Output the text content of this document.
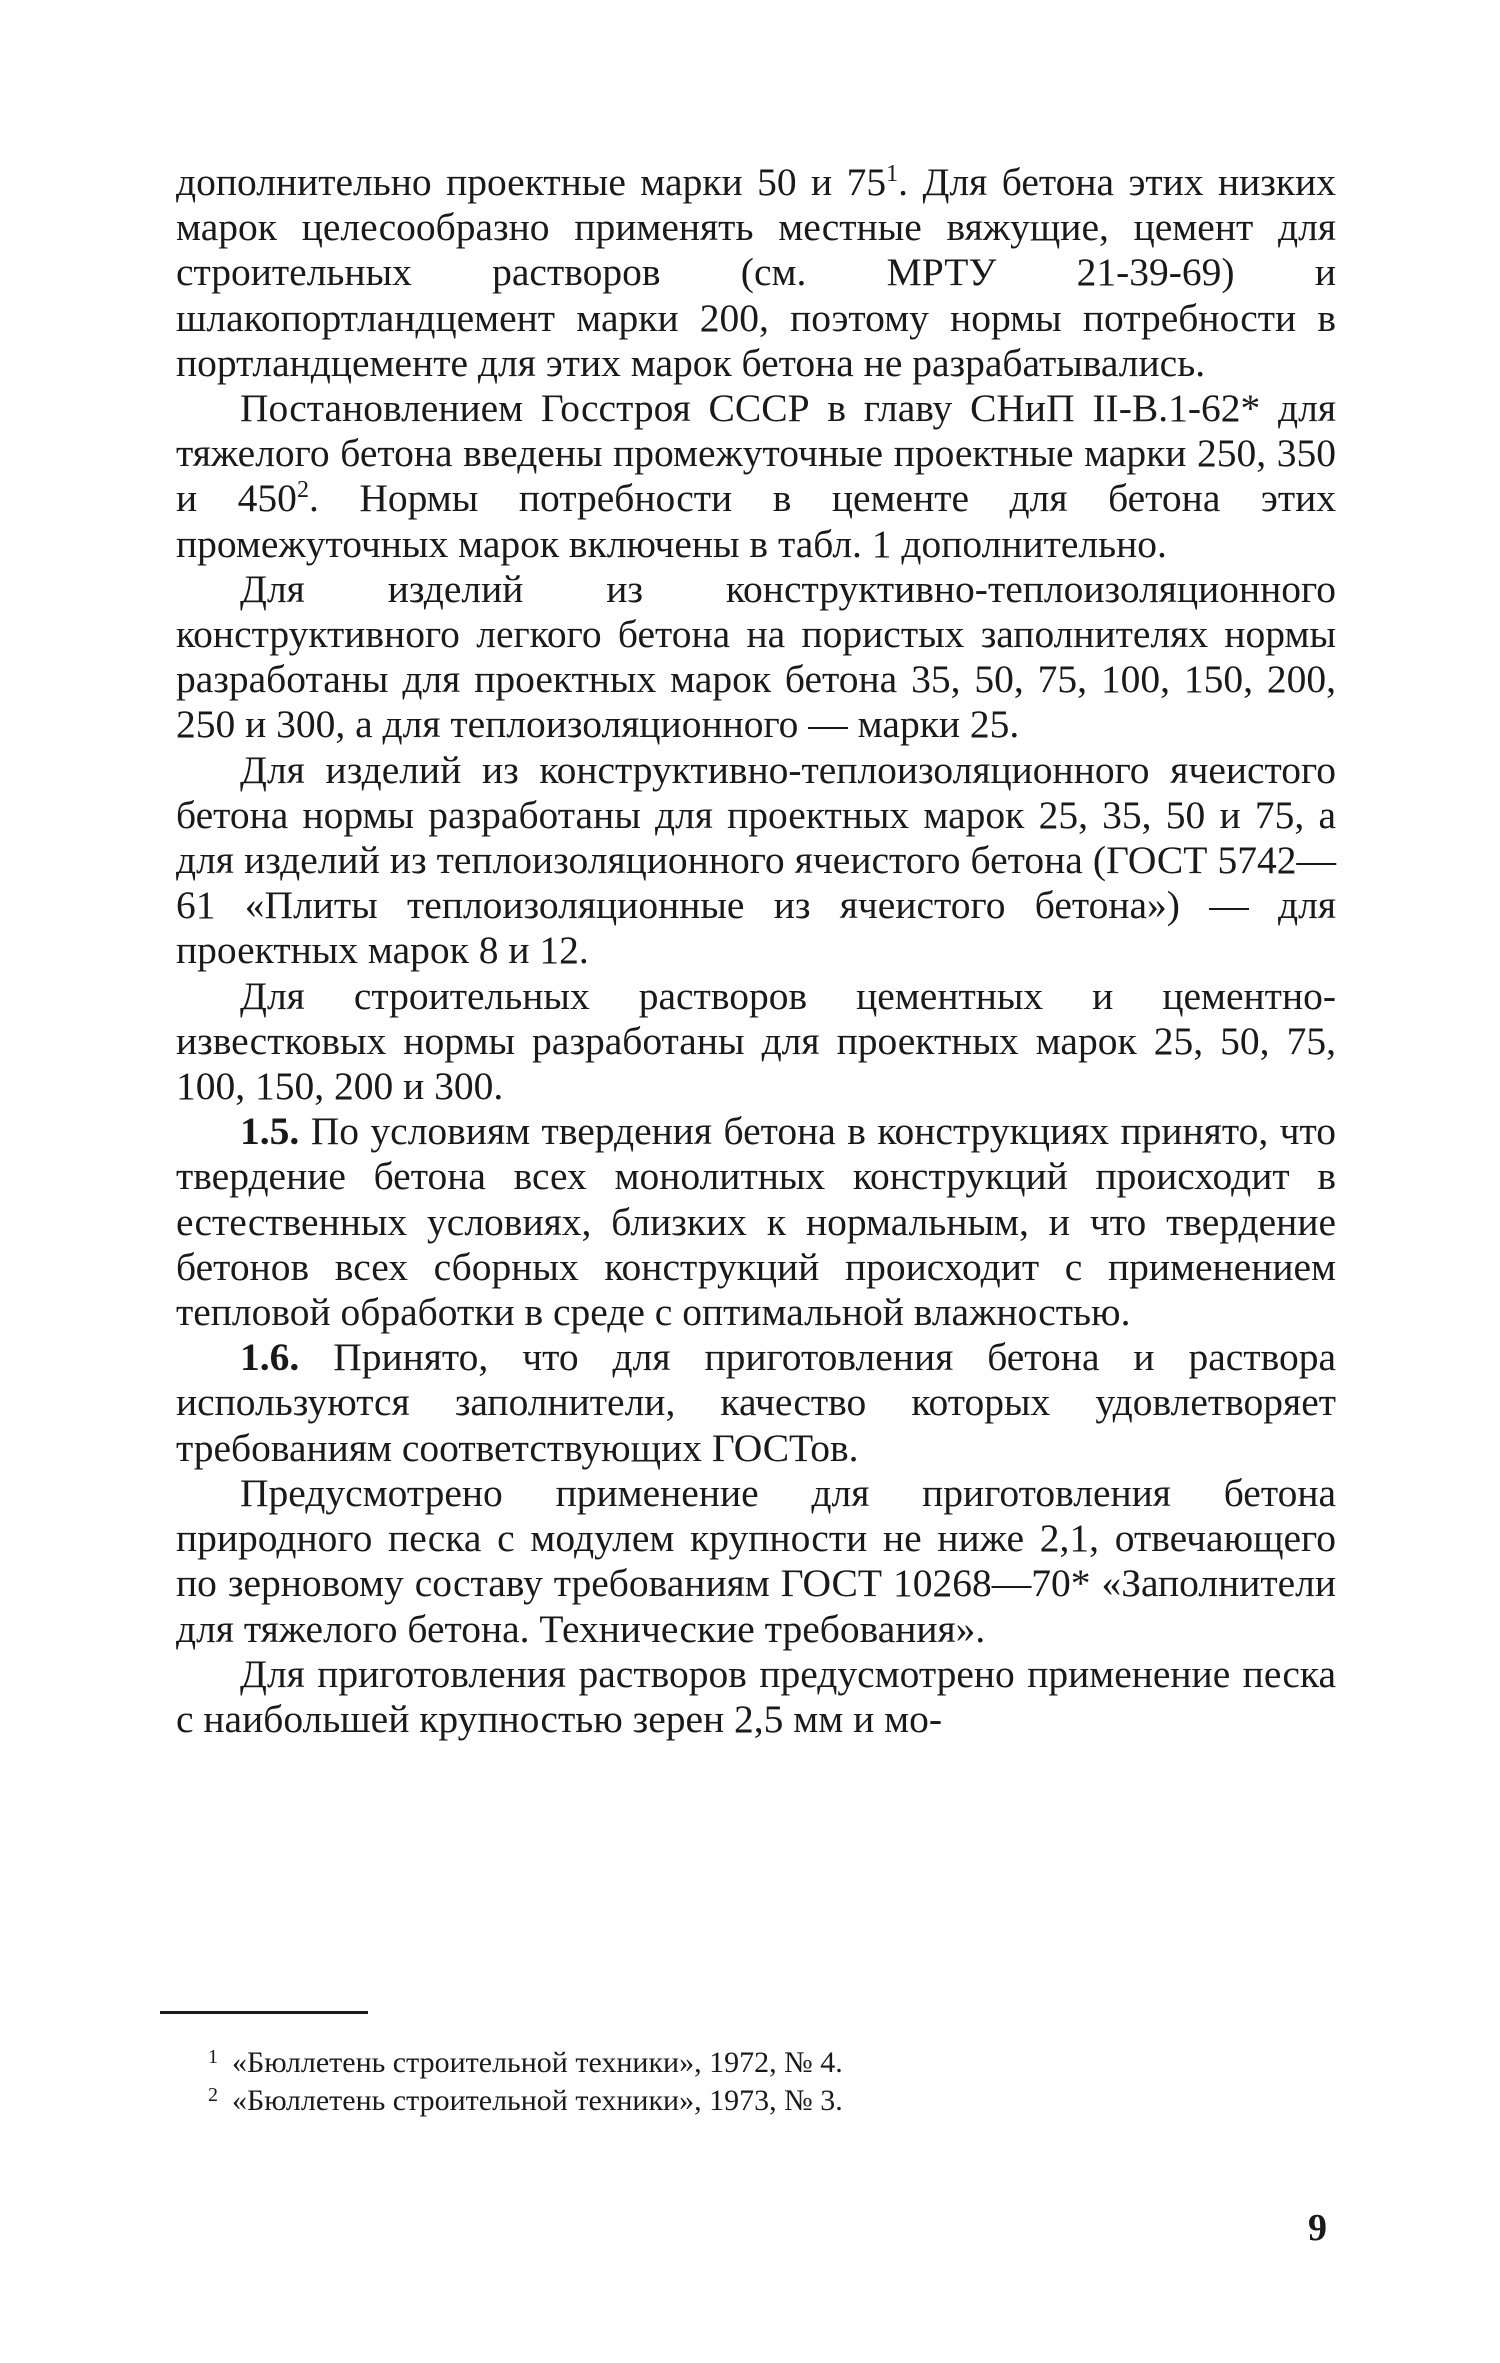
дополнительно проектные марки 50 и $75^1$. Для бетона этих низких марок целесообразно применять местные вяжущие, цемент для строительных растворов (см. МРТУ 21-39-69) и шлакопортландцемент марки 200, поэтому нормы потребности в портландцементе для этих марок бетона не разрабатывались.

Постановлением Госстроя СССР в главу СНиП II-В.1-62* для тяжелого бетона введены промежуточные проектные марки 250, 350 и $450^2$. Нормы потребности в цементе для бетона этих промежуточных марок включены в табл. 1 дополнительно.

Для изделий из конструктивно-теплоизоляционного конструктивного легкого бетона на пористых заполнителях нормы разработаны для проектных марок бетона 35, 50, 75, 100, 150, 200, 250 и 300, а для теплоизоляционного — марки 25.

Для изделий из конструктивно-теплоизоляционного ячеистого бетона нормы разработаны для проектных марок 25, 35, 50 и 75, а для изделий из теплоизоляционного ячеистого бетона (ГОСТ 5742—61 «Плиты теплоизоляционные из ячеистого бетона») — для проектных марок 8 и 12.

Для строительных растворов цементных и цементно-известковых нормы разработаны для проектных марок 25, 50, 75, 100, 150, 200 и 300.

1.5. По условиям твердения бетона в конструкциях принято, что твердение бетона всех монолитных конструкций происходит в естественных условиях, близких к нормальным, и что твердение бетонов всех сборных конструкций происходит с применением тепловой обработки в среде с оптимальной влажностью.

1.6. Принято, что для приготовления бетона и раствора используются заполнители, качество которых удовлетворяет требованиям соответствующих ГОСТов.

Предусмотрено применение для приготовления бетона природного песка с модулем крупности не ниже 2,1, отвечающего по зерновому составу требованиям ГОСТ 10268—70* «Заполнители для тяжелого бетона. Технические требования».

Для приготовления растворов предусмотрено применение песка с наибольшей крупностью зерен 2,5 мм и мо-

1 «Бюллетень строительной техники», 1972, № 4.

2 «Бюллетень строительной техники», 1973, № 3.

9
